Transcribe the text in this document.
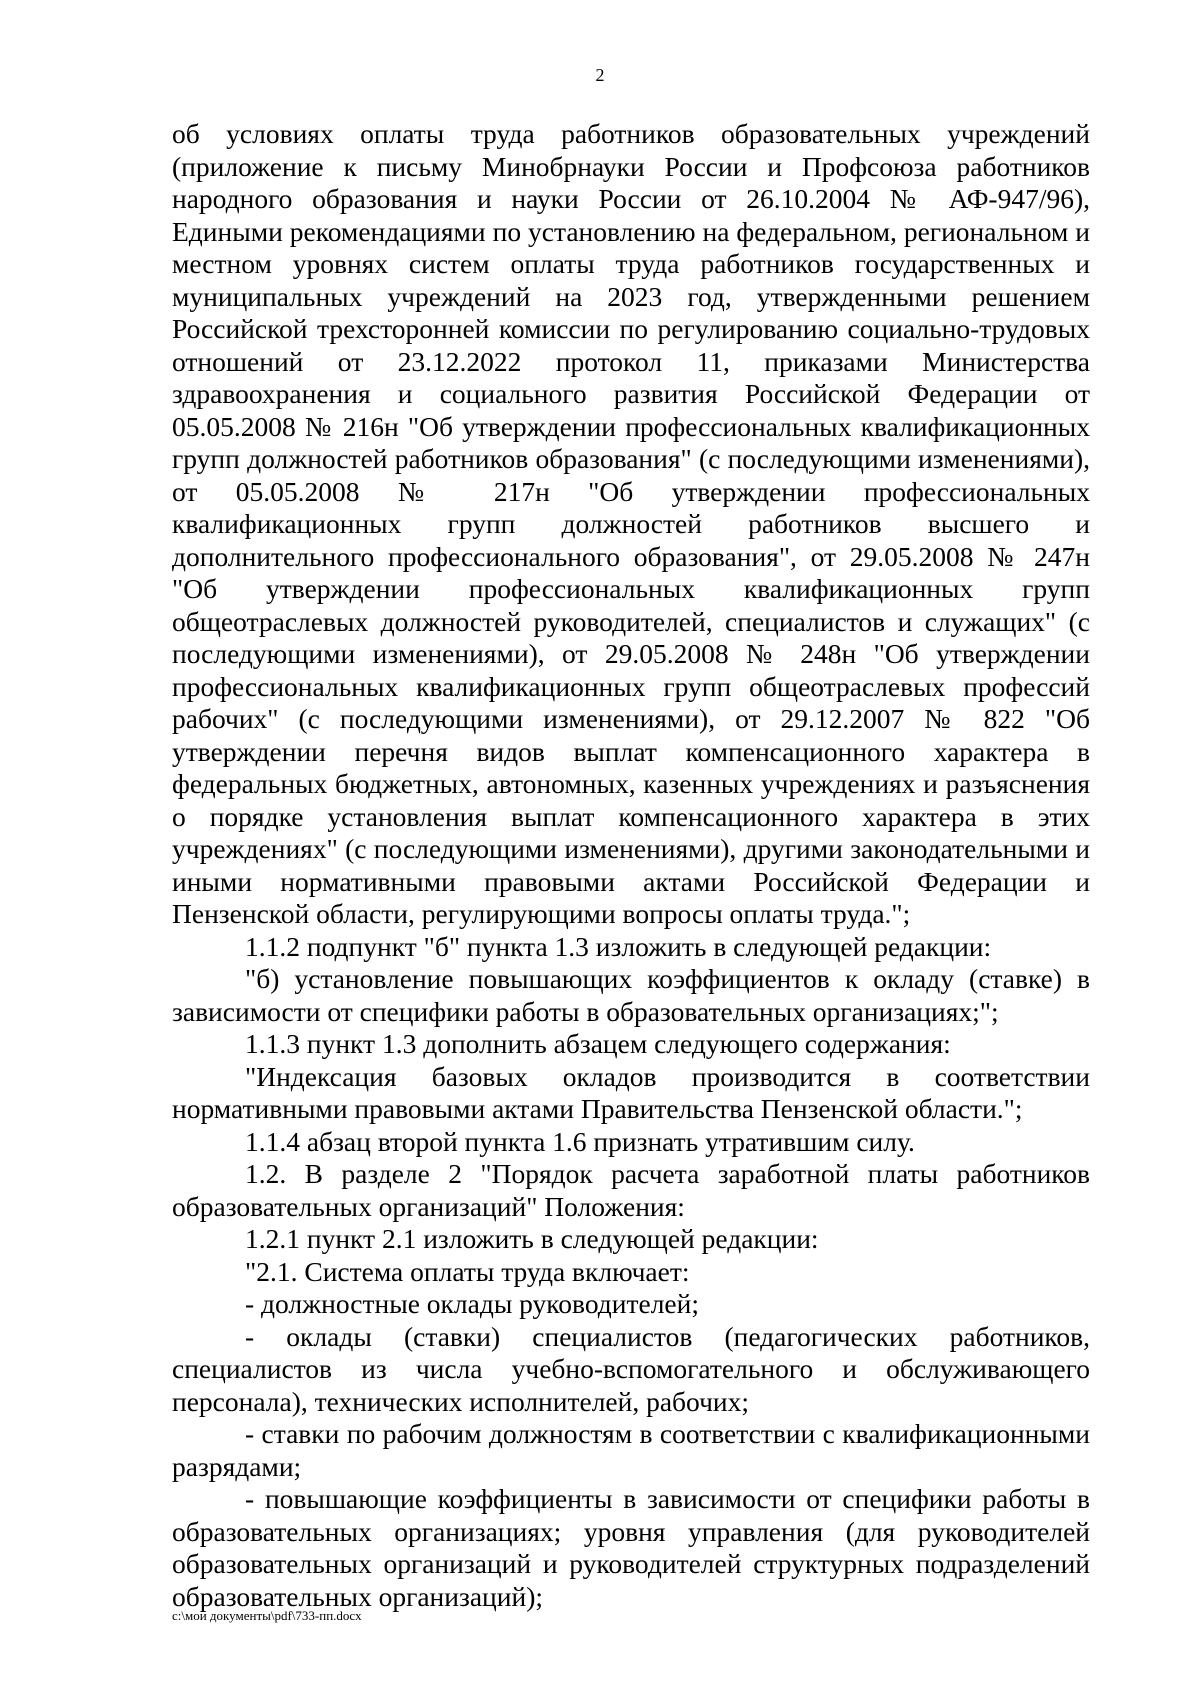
2

об условиях оплаты труда работников образовательных учреждений (приложение к письму Минобрнауки России и Профсоюза работников народного образования и науки России от 26.10.2004 № АФ-947/96), Едиными рекомендациями по установлению на федеральном, региональном и местном уровнях систем оплаты труда работников государственных и муниципальных учреждений на 2023 год, утвержденными решением Российской трехсторонней комиссии по регулированию социально-трудовых отношений от 23.12.2022 протокол 11, приказами Министерства здравоохранения и социального развития Российской Федерации от 05.05.2008 № 216н "Об утверждении профессиональных квалификационных групп должностей работников образования" (с последующими изменениями), от 05.05.2008 № 217н "Об утверждении профессиональных квалификационных групп должностей работников высшего и дополнительного профессионального образования", от 29.05.2008 № 247н "Об утверждении профессиональных квалификационных групп общеотраслевых должностей руководителей, специалистов и служащих" (с последующими изменениями), от 29.05.2008 № 248н "Об утверждении профессиональных квалификационных групп общеотраслевых профессий рабочих" (с последующими изменениями), от 29.12.2007 № 822 "Об утверждении перечня видов выплат компенсационного характера в федеральных бюджетных, автономных, казенных учреждениях и разъяснения о порядке установления выплат компенсационного характера в этих учреждениях" (с последующими изменениями), другими законодательными и иными нормативными правовыми актами Российской Федерации и Пензенской области, регулирующими вопросы оплаты труда.";

1.1.2 подпункт "б" пункта 1.3 изложить в следующей редакции:

"б) установление повышающих коэффициентов к окладу (ставке) в зависимости от специфики работы в образовательных организациях;";

1.1.3 пункт 1.3 дополнить абзацем следующего содержания:

"Индексация базовых окладов производится в соответствии нормативными правовыми актами Правительства Пензенской области.";

1.1.4 абзац второй пункта 1.6 признать утратившим силу.

1.2. В разделе 2 "Порядок расчета заработной платы работников образовательных организаций" Положения:

1.2.1 пункт 2.1 изложить в следующей редакции:

"2.1. Система оплаты труда включает:

- должностные оклады руководителей;

- оклады (ставки) специалистов (педагогических работников, специалистов из числа учебно-вспомогательного и обслуживающего персонала), технических исполнителей, рабочих;

- ставки по рабочим должностям в соответствии с квалификационными разрядами;

- повышающие коэффициенты в зависимости от специфики работы в образовательных организациях; уровня управления (для руководителей образовательных организаций и руководителей структурных подразделений образовательных организаций);

c:\мои документы\pdf\733-пп.docx
